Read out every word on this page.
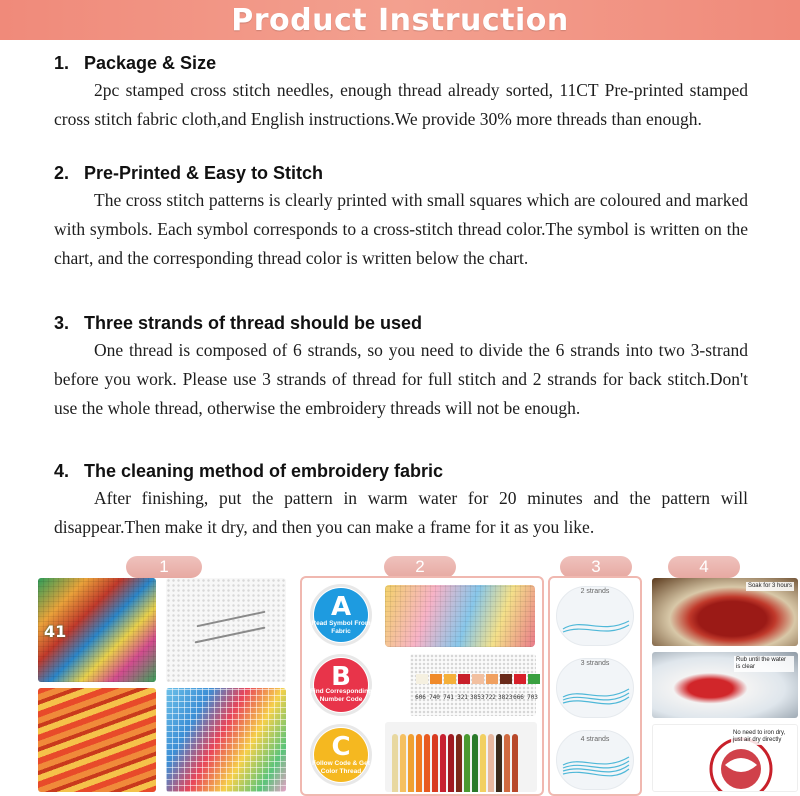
Product Instruction
1. Package & Size

2pc stamped cross stitch needles, enough thread already sorted, 11CT Pre-printed stamped cross stitch fabric cloth,and English instructions.We provide 30% more threads than enough.

2. Pre-Printed & Easy to Stitch

The cross stitch patterns is clearly printed with small squares which are coloured and marked with symbols. Each symbol corresponds to a cross-stitch thread color.The symbol is written on the chart, and the corresponding thread color is written below the chart.

3. Three strands of thread should be used

One thread is composed of 6 strands, so you need to divide the 6 strands into two 3-strand before you work. Please use 3 strands of thread for full stitch and 2 strands for back stitch.Don't use the whole thread, otherwise the embroidery threads will not be enough.

4. The cleaning method of embroidery fabric

After finishing, put the pattern in warm water for 20 minutes and the pattern will disappear.Then make it dry, and then you can make a frame for it as you like.

1	2	3	4
41
A
Read Symbol From Fabric
B
Find Corresponding Number Code
C
Follow Code & Get Color Thread
606 740 741 321 3853 722 3823 666 703
2 strands
3 strands
4 strands
Soak for 3 hours
Rub until the water is clear
No need to iron dry, just air dry directly
